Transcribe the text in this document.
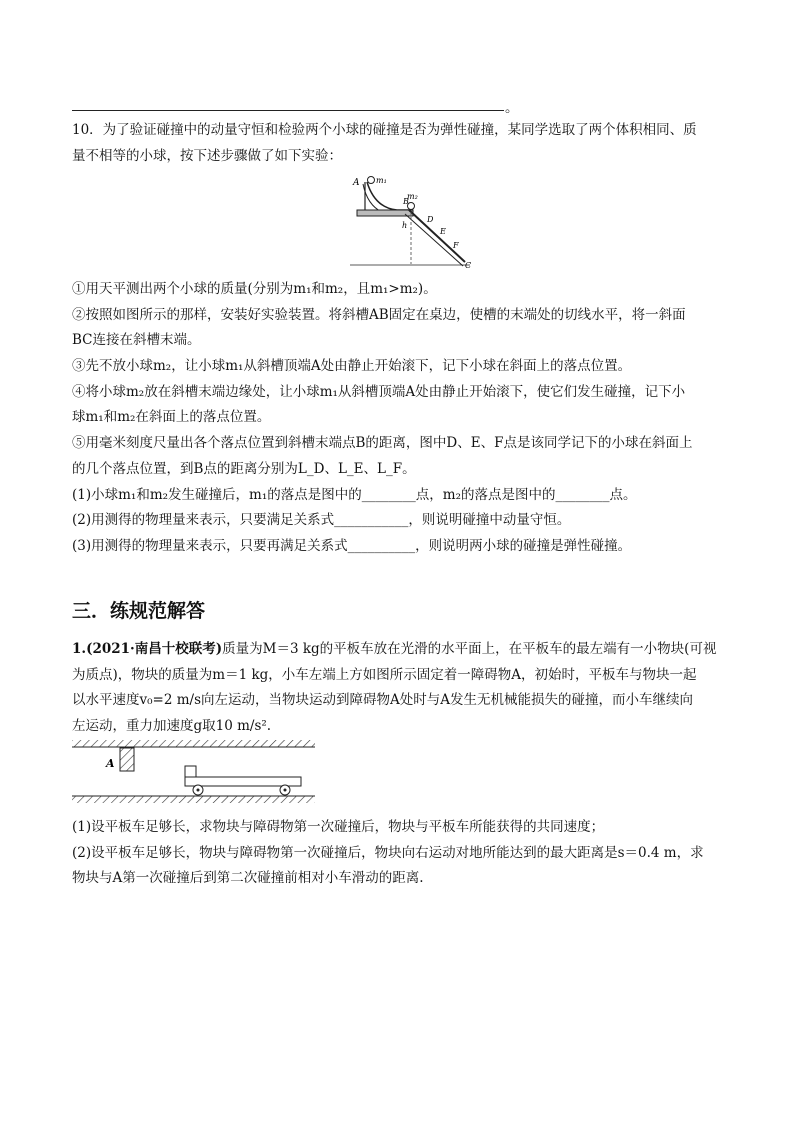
。
10．为了验证碰撞中的动量守恒和检验两个小球的碰撞是否为弹性碰撞，某同学选取了两个体积相同、质
量不相等的小球，按下述步骤做了如下实验：
A m₁
m₂
B
h
D
E
F
C
①用天平测出两个小球的质量(分别为m₁和m₂，且m₁>m₂)。
②按照如图所示的那样，安装好实验装置。将斜槽AB固定在桌边，使槽的末端处的切线水平，将一斜面
BC连接在斜槽末端。
③先不放小球m₂，让小球m₁从斜槽顶端A处由静止开始滚下，记下小球在斜面上的落点位置。
④将小球m₂放在斜槽末端边缘处，让小球m₁从斜槽顶端A处由静止开始滚下，使它们发生碰撞，记下小
球m₁和m₂在斜面上的落点位置。
⑤用毫米刻度尺量出各个落点位置到斜槽末端点B的距离，图中D、E、F点是该同学记下的小球在斜面上
的几个落点位置，到B点的距离分别为L_D、L_E、L_F。
(1)小球m₁和m₂发生碰撞后，m₁的落点是图中的________点，m₂的落点是图中的________点。
(2)用测得的物理量来表示，只要满足关系式___________，则说明碰撞中动量守恒。
(3)用测得的物理量来表示，只要再满足关系式__________，则说明两小球的碰撞是弹性碰撞。
三．练规范解答
1.(2021·南昌十校联考)质量为M＝3 kg的平板车放在光滑的水平面上，在平板车的最左端有一小物块(可视
为质点)，物块的质量为m＝1 kg，小车左端上方如图所示固定着一障碍物A，初始时，平板车与物块一起
以水平速度v₀=2 m/s向左运动，当物块运动到障碍物A处时与A发生无机械能损失的碰撞，而小车继续向
左运动，重力加速度g取10 m/s².
A
(1)设平板车足够长，求物块与障碍物第一次碰撞后，物块与平板车所能获得的共同速度；
(2)设平板车足够长，物块与障碍物第一次碰撞后，物块向右运动对地所能达到的最大距离是s＝0.4 m，求
物块与A第一次碰撞后到第二次碰撞前相对小车滑动的距离.
